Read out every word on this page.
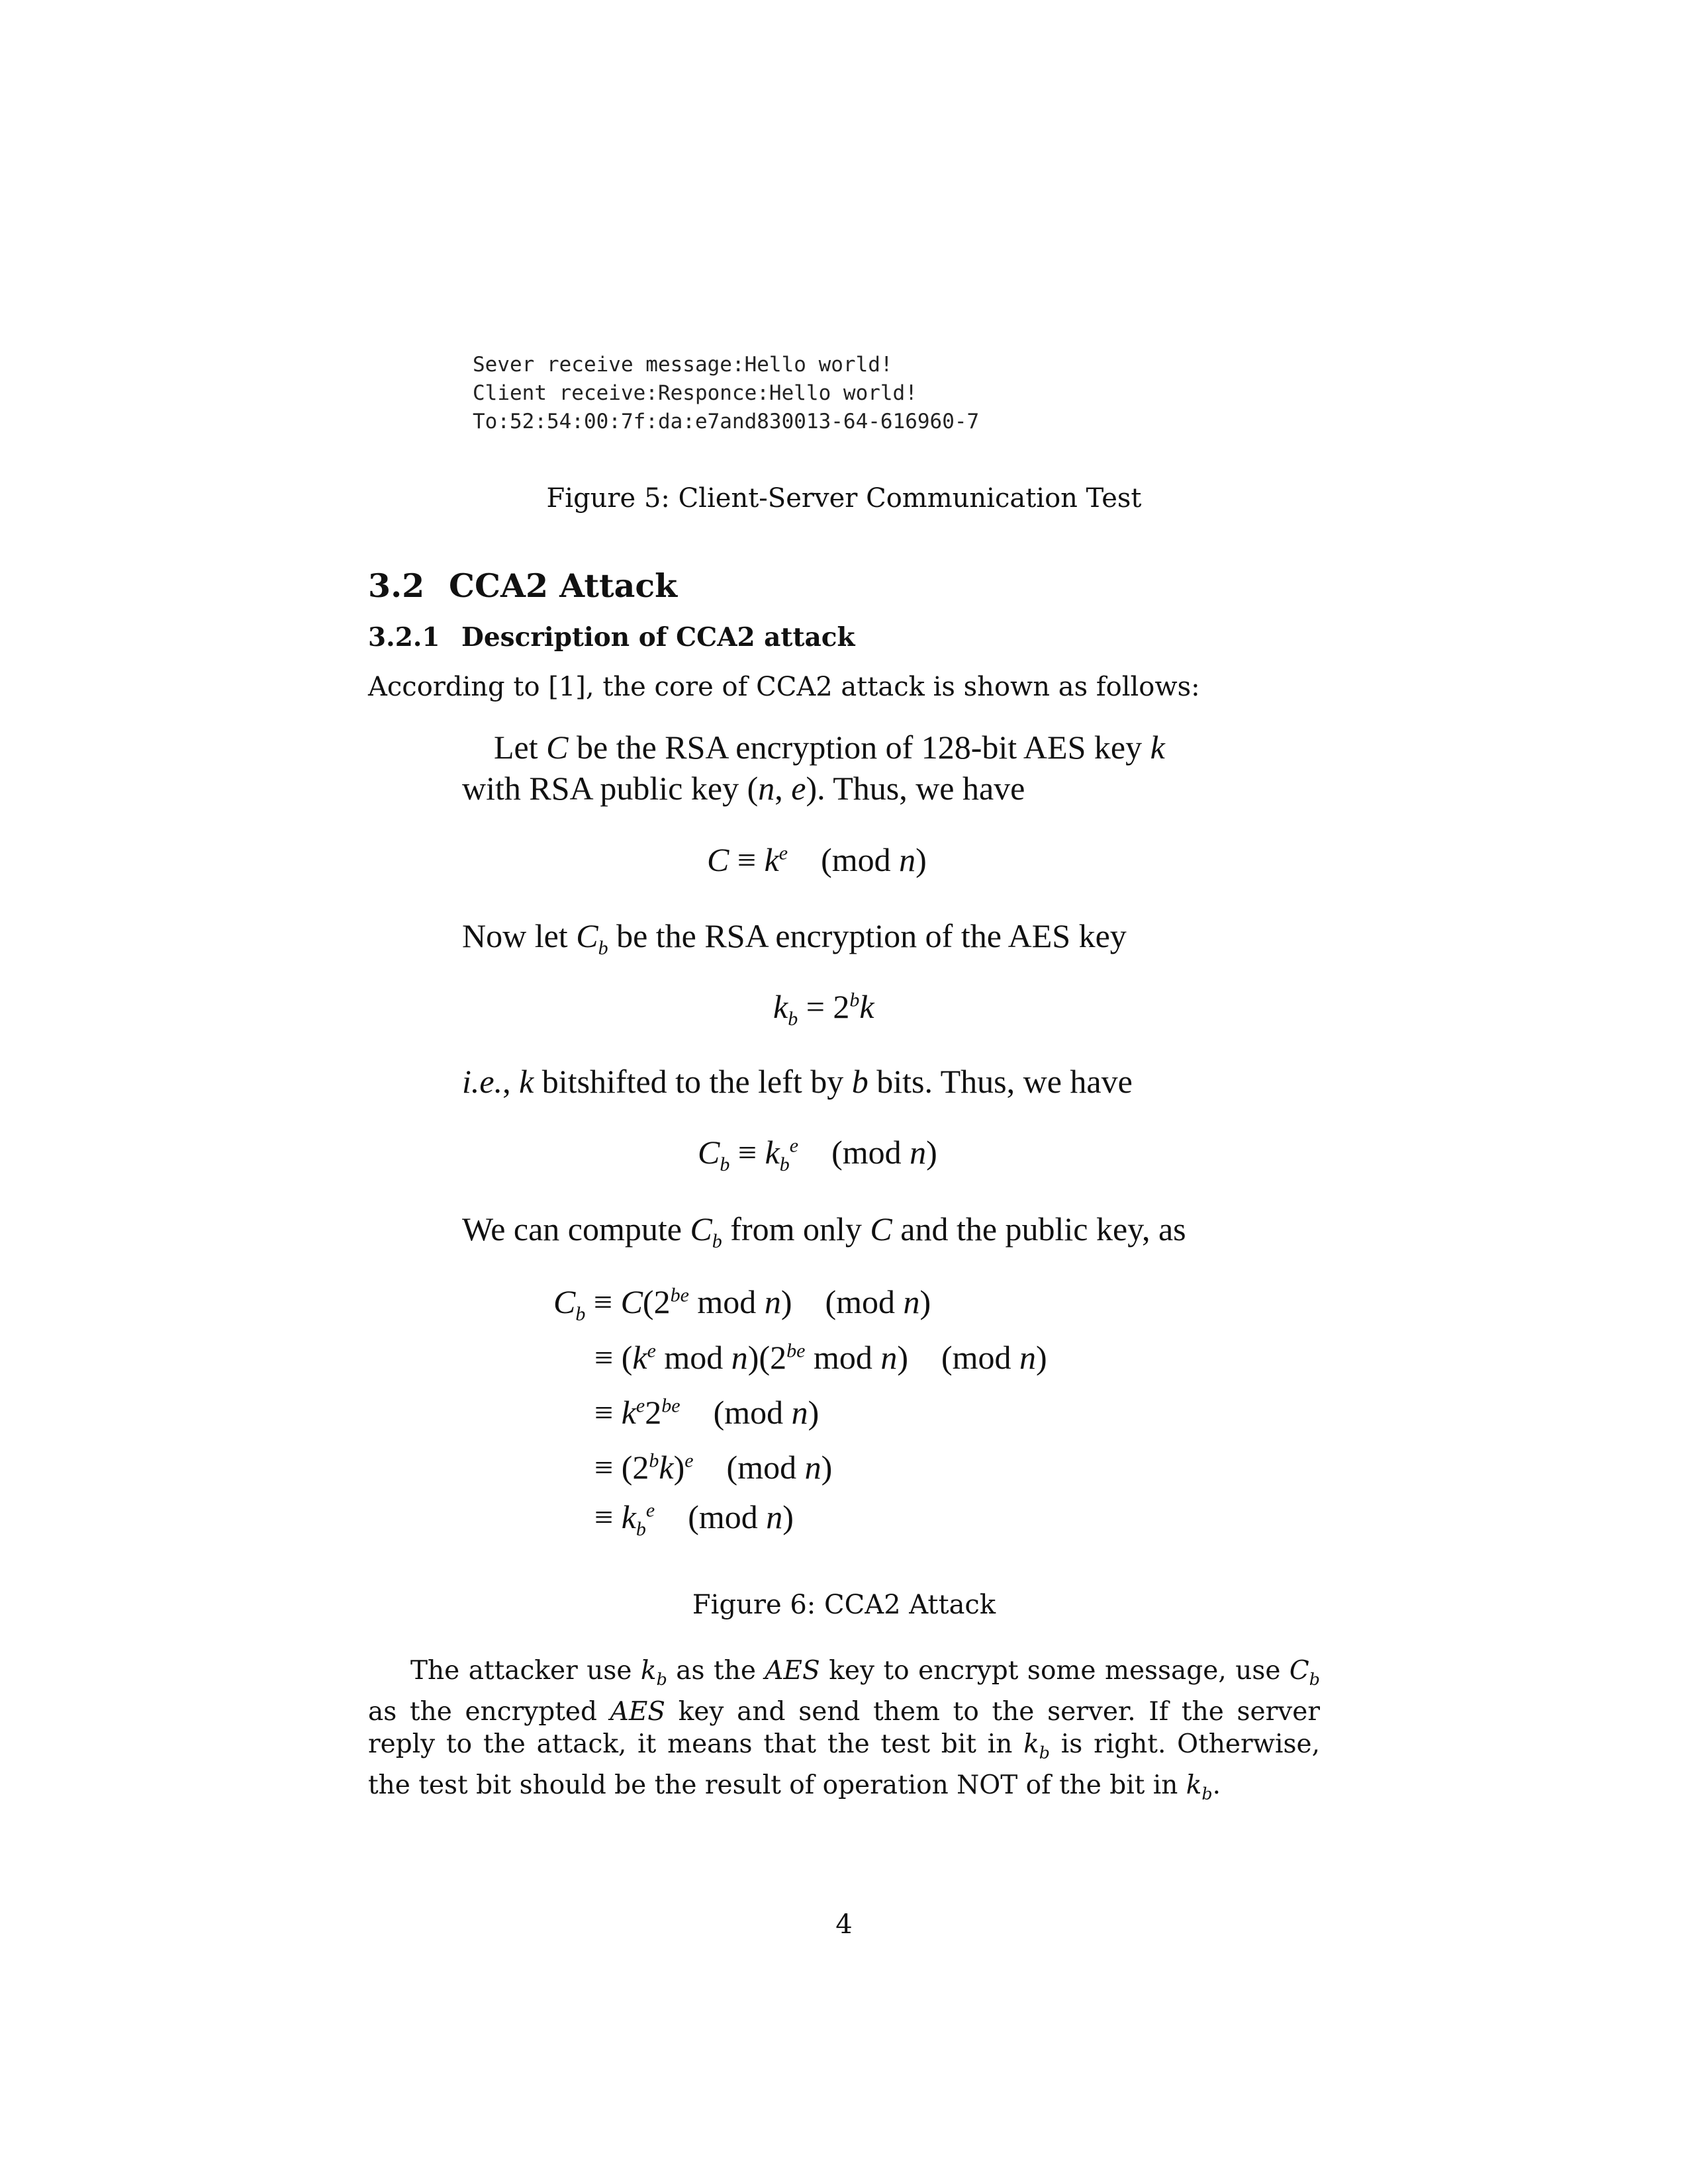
Sever receive message:Hello world!
Client receive:Responce:Hello world!
To:52:54:00:7f:da:e7and830013-64-616960-7
Figure 5: Client-Server Communication Test
3.2 CCA2 Attack
3.2.1 Description of CCA2 attack
According to [1], the core of CCA2 attack is shown as follows:
Let C be the RSA encryption of 128-bit AES key k
with RSA public key (n, e). Thus, we have
$C \equiv k^e$    (mod n)
Now let $C_b$ be the RSA encryption of the AES key
$k_b = 2^bk$
i.e., k bitshifted to the left by b bits. Thus, we have
$C_b \equiv k_b^e$    (mod n)
We can compute $C_b$ from only C and the public key, as
$C_b \equiv C(2^{be}$ mod n)    (mod n)
≡ ($k^e$ mod $n)(2^{be}$ mod n)    (mod n)
≡ $k^e2^{be}$    (mod n)
≡ $(2^bk)^e$    (mod n)
≡ $k_b^e$    (mod n)
Figure 6: CCA2 Attack

The attacker use $k_b$ as the AES key to encrypt some message, use $C_b$ as the encrypted AES key and send them to the server. If the server reply to the attack, it means that the test bit in $k_b$ is right. Otherwise, the test bit should be the result of operation NOT of the bit in $k_b$.

4
